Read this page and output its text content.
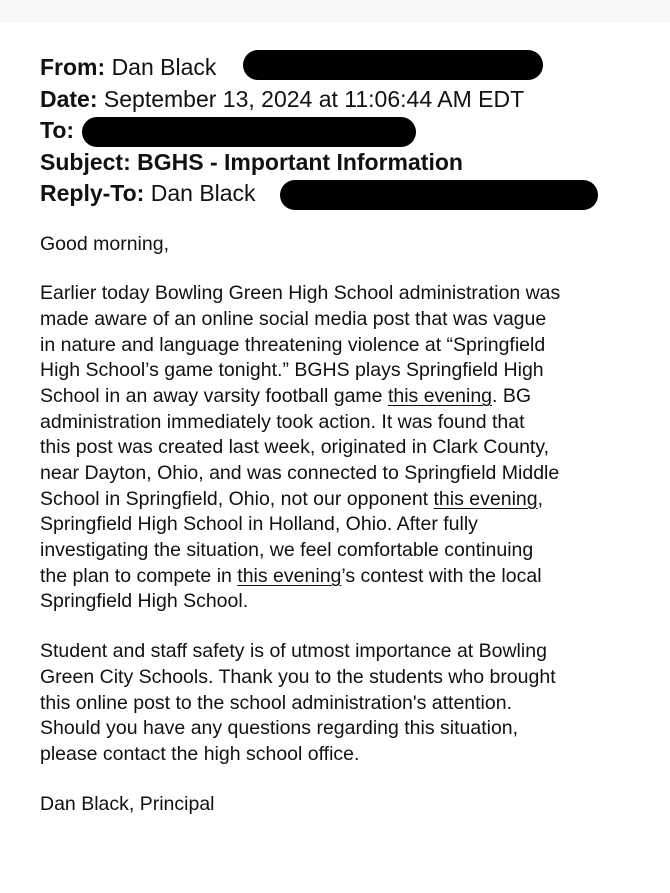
From: Dan Black
Date: September 13, 2024 at 11:06:44 AM EDT
To:
Subject: BGHS - Important Information
Reply-To: Dan Black
Good morning,
Earlier today Bowling Green High School administration was
made aware of an online social media post that was vague
in nature and language threatening violence at “Springfield
High School’s game tonight.” BGHS plays Springfield High
School in an away varsity football game this evening. BG
administration immediately took action. It was found that
this post was created last week, originated in Clark County,
near Dayton, Ohio, and was connected to Springfield Middle
School in Springfield, Ohio, not our opponent this evening,
Springfield High School in Holland, Ohio. After fully
investigating the situation, we feel comfortable continuing
the plan to compete in this evening’s contest with the local
Springfield High School.
Student and staff safety is of utmost importance at Bowling
Green City Schools. Thank you to the students who brought
this online post to the school administration's attention.
Should you have any questions regarding this situation,
please contact the high school office.
Dan Black, Principal
